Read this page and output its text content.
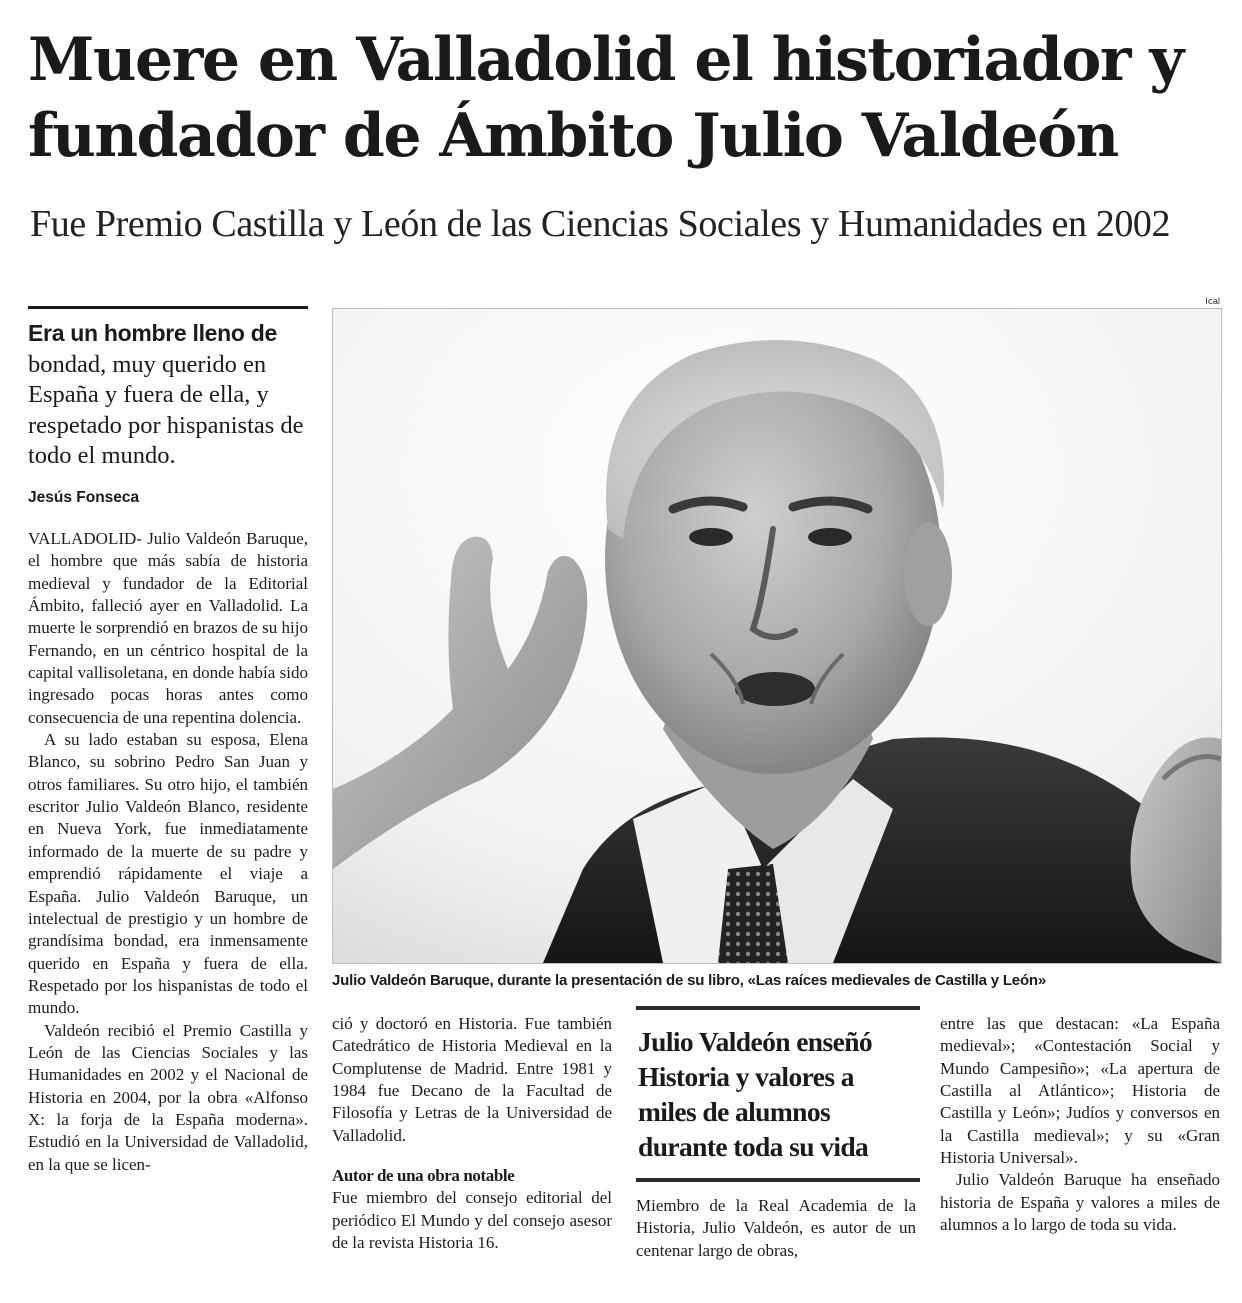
Muere en Valladolid el historiador y
fundador de Ámbito Julio Valdeón
Fue Premio Castilla y León de las Ciencias Sociales y Humanidades en 2002

Era un hombre lleno de bondad, muy querido en España y fuera de ella, y respetado por hispanistas de todo el mundo.

Jesús Fonseca

Ical

Julio Valdeón Baruque, durante la presentación de su libro, «Las raíces medievales de Castilla y León»

VALLADOLID- Julio Valdeón Baruque, el hombre que más sabía de historia medieval y fundador de la Editorial Ámbito, falleció ayer en Valladolid. La muerte le sorprendió en brazos de su hijo Fernando, en un céntrico hospital de la capital vallisoletana, en donde había sido ingresado pocas horas antes como consecuencia de una repentina dolencia.

A su lado estaban su esposa, Elena Blanco, su sobrino Pedro San Juan y otros familiares. Su otro hijo, el también escritor Julio Valdeón Blanco, residente en Nueva York, fue inmediatamente informado de la muerte de su padre y emprendió rápidamente el viaje a España. Julio Valdeón Baruque, un intelectual de prestigio y un hombre de grandísima bondad, era inmensamente querido en España y fuera de ella. Respetado por los hispanistas de todo el mundo.

Valdeón recibió el Premio Castilla y León de las Ciencias Sociales y las Humanidades en 2002 y el Nacional de Historia en 2004, por la obra «Alfonso X: la forja de la España moderna». Estudió en la Universidad de Valladolid, en la que se licen-

ció y doctoró en Historia. Fue también Catedrático de Historia Medieval en la Complutense de Madrid. Entre 1981 y 1984 fue Decano de la Facultad de Filosofía y Letras de la Universidad de Valladolid.

Autor de una obra notable

Fue miembro del consejo editorial del periódico El Mundo y del consejo asesor de la revista Historia 16.

Julio Valdeón enseñó Historia y valores a miles de alumnos durante toda su vida

Miembro de la Real Academia de la Historia, Julio Valdeón, es autor de un centenar largo de obras,

entre las que destacan: «La España medieval»; «Contestación Social y Mundo Campesiño»; «La apertura de Castilla al Atlántico»; Historia de Castilla y León»; Judíos y conversos en la Castilla medieval»; y su «Gran Historia Universal».

Julio Valdeón Baruque ha enseñado historia de España y valores a miles de alumnos a lo largo de toda su vida.
